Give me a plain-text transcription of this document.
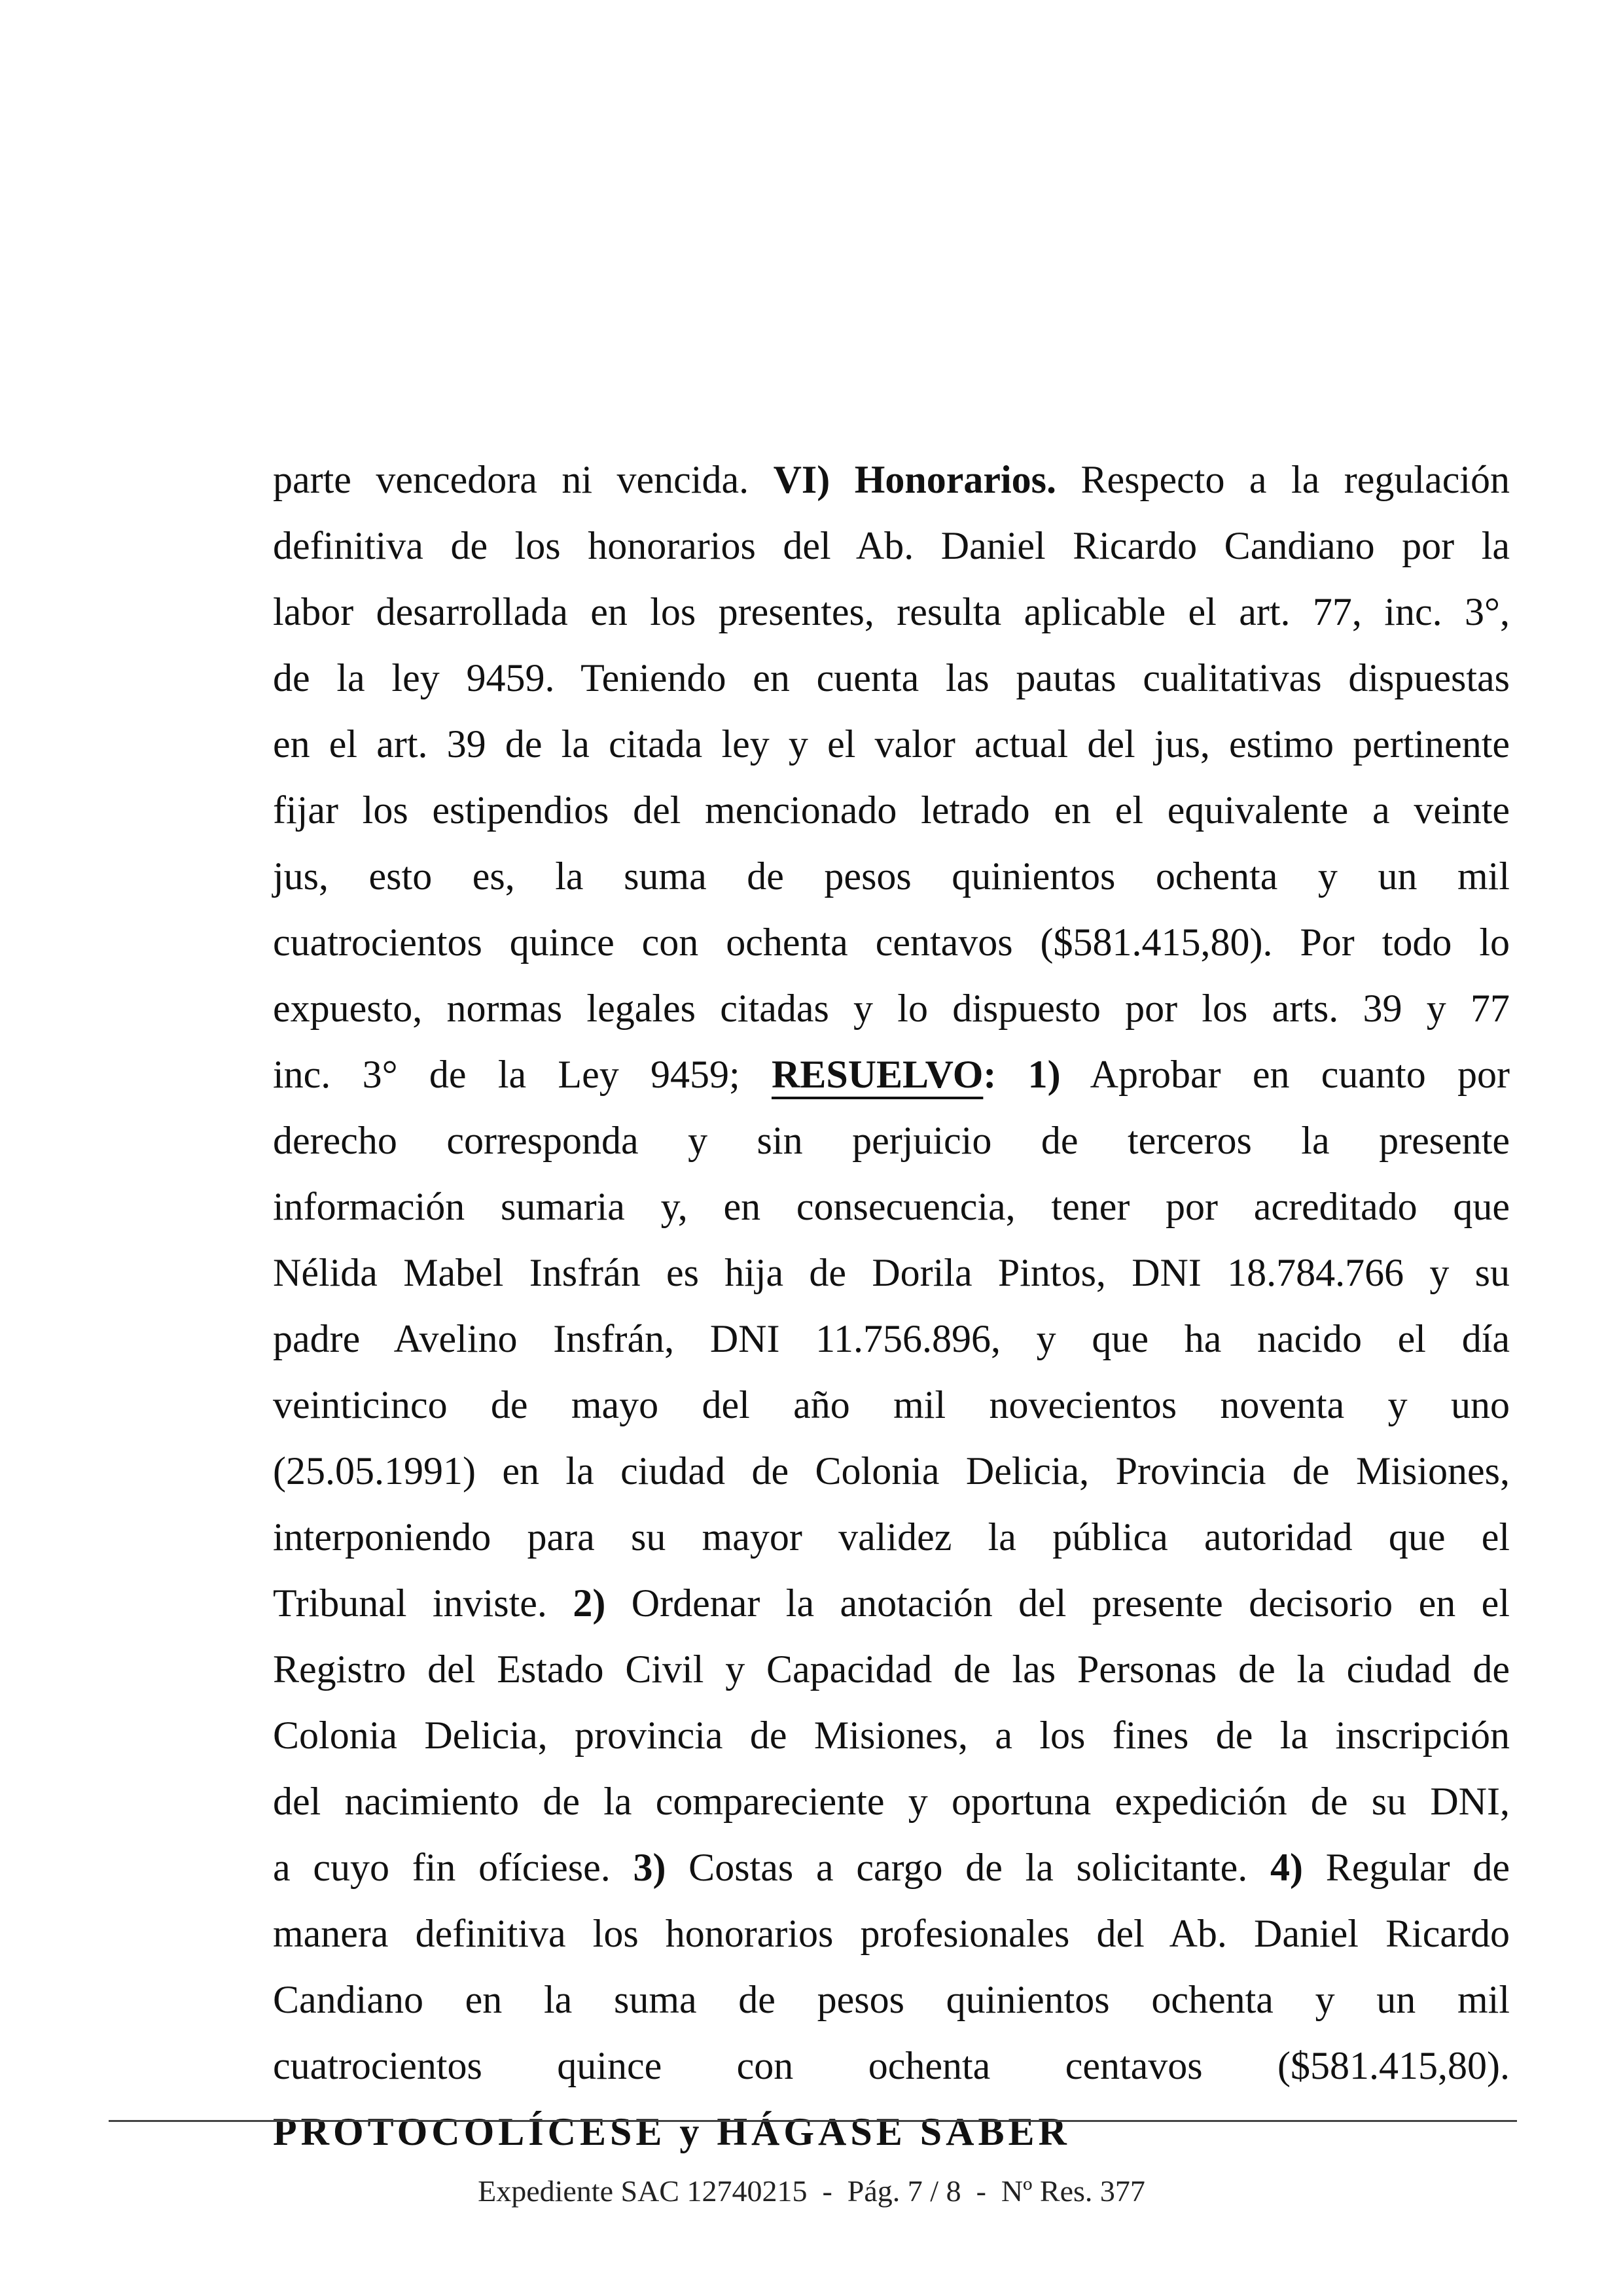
parte vencedora ni vencida. VI) Honorarios. Respecto a la regulación
definitiva de los honorarios del Ab. Daniel Ricardo Candiano por la
labor desarrollada en los presentes, resulta aplicable el art. 77, inc. 3°,
de la ley 9459. Teniendo en cuenta las pautas cualitativas dispuestas
en el art. 39 de la citada ley y el valor actual del jus, estimo pertinente
fijar los estipendios del mencionado letrado en el equivalente a veinte
jus, esto es, la suma de pesos quinientos ochenta y un mil
cuatrocientos quince con ochenta centavos ($581.415,80). Por todo lo
expuesto, normas legales citadas y lo dispuesto por los arts. 39 y 77
inc. 3° de la Ley 9459; RESUELVO: 1) Aprobar en cuanto por
derecho corresponda y sin perjuicio de terceros la presente
información sumaria y, en consecuencia, tener por acreditado que
Nélida Mabel Insfrán es hija de Dorila Pintos, DNI 18.784.766 y su
padre Avelino Insfrán, DNI 11.756.896, y que ha nacido el día
veinticinco de mayo del año mil novecientos noventa y uno
(25.05.1991) en la ciudad de Colonia Delicia, Provincia de Misiones,
interponiendo para su mayor validez la pública autoridad que el
Tribunal inviste. 2) Ordenar la anotación del presente decisorio en el
Registro del Estado Civil y Capacidad de las Personas de la ciudad de
Colonia Delicia, provincia de Misiones, a los fines de la inscripción
del nacimiento de la compareciente y oportuna expedición de su DNI,
a cuyo fin ofíciese. 3) Costas a cargo de la solicitante. 4) Regular de
manera definitiva los honorarios profesionales del Ab. Daniel Ricardo
Candiano en la suma de pesos quinientos ochenta y un mil
cuatrocientos quince con ochenta centavos ($581.415,80).
PROTOCOLÍCESE y HÁGASE SABER
Expediente SAC 12740215  -  Pág. 7 / 8  -  Nº Res. 377
